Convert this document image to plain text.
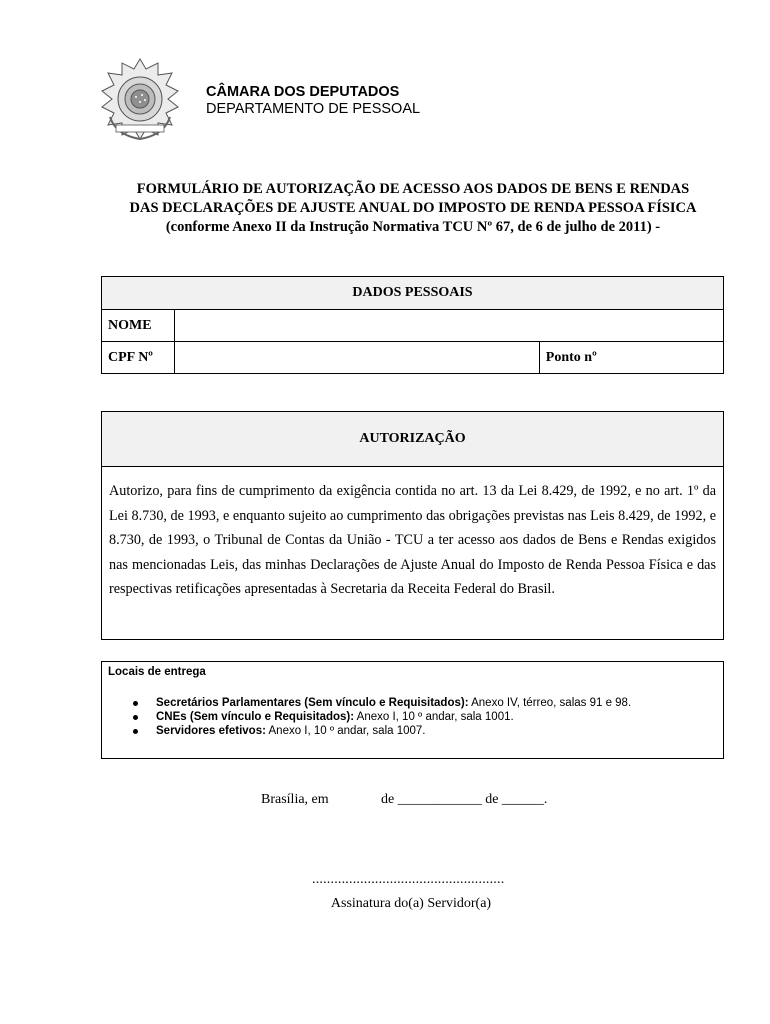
CÂMARA DOS DEPUTADOS
DEPARTAMENTO DE PESSOAL
FORMULÁRIO DE AUTORIZAÇÃO DE ACESSO AOS DADOS DE BENS E RENDAS
DAS DECLARAÇÕES DE AJUSTE ANUAL DO IMPOSTO DE RENDA PESSOA FÍSICA
(conforme Anexo II da Instrução Normativa TCU Nº 67, de 6 de julho de 2011) -
DADOS PESSOAIS		
NOME		
CPF Nº		Ponto nº
AUTORIZAÇÃO
Autorizo, para fins de cumprimento da exigência contida no art. 13 da Lei 8.429, de 1992, e no art. 1º da Lei 8.730, de 1993, e enquanto sujeito ao cumprimento das obrigações previstas nas Leis 8.429, de 1992, e 8.730, de 1993, o Tribunal de Contas da União - TCU a ter acesso aos dados de Bens e Rendas exigidos nas mencionadas Leis, das minhas Declarações de Ajuste Anual do Imposto de Renda Pessoa Física e das respectivas retificações apresentadas à Secretaria da Receita Federal do Brasil.
Locais de entrega
Secretários Parlamentares (Sem vínculo e Requisitados): Anexo IV, térreo, salas 91 e 98.
CNEs (Sem vínculo e Requisitados): Anexo I, 10 º andar, sala 1001.
Servidores efetivos: Anexo I, 10 º andar, sala 1007.
Brasília, em	de ____________ de ______.
....................................................
Assinatura do(a) Servidor(a)
